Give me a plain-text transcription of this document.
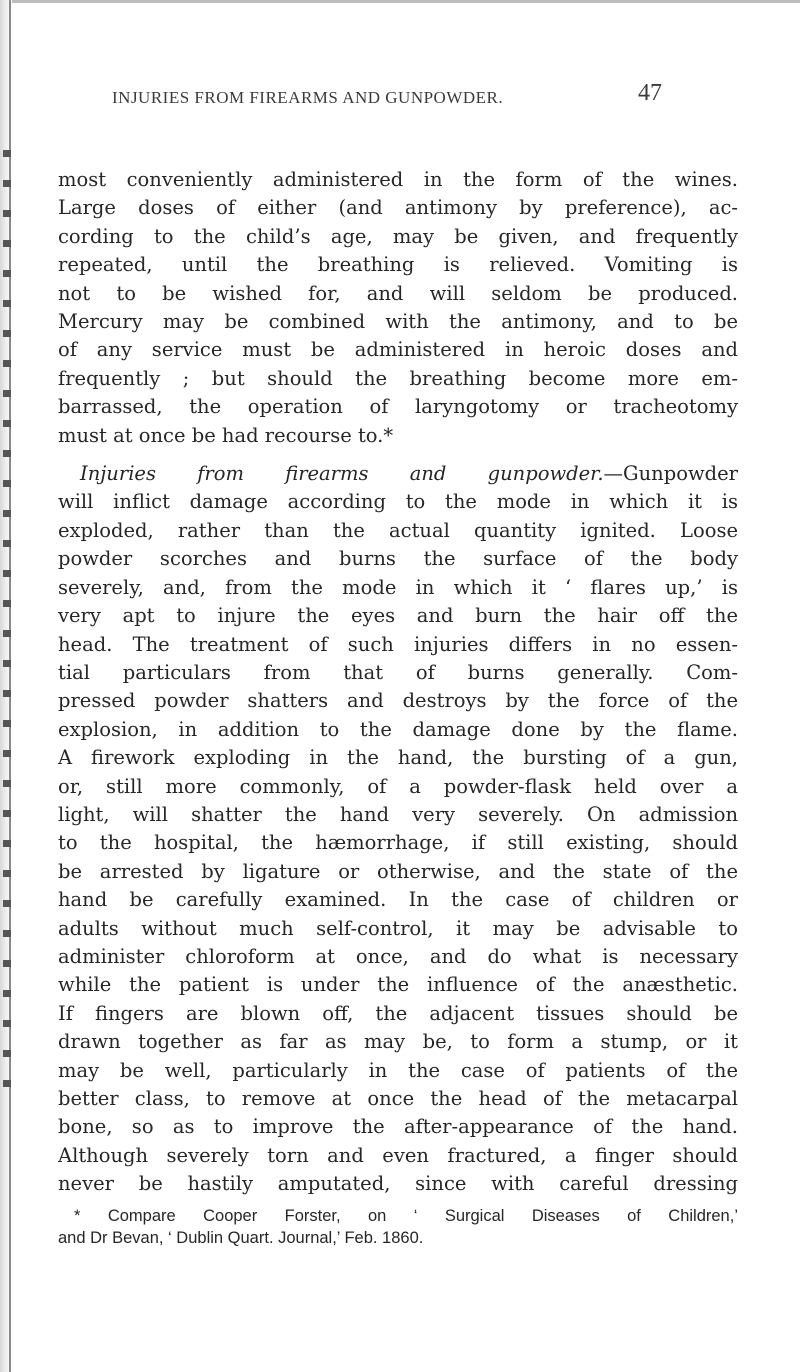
INJURIES FROM FIREARMS AND GUNPOWDER.	47
most conveniently administered in the form of the wines.
Large doses of either (and antimony by preference), ac-
cording to the child’s age, may be given, and frequently
repeated, until the breathing is relieved. Vomiting is
not to be wished for, and will seldom be produced.
Mercury may be combined with the antimony, and to be
of any service must be administered in heroic doses and
frequently ; but should the breathing become more em-
barrassed, the operation of laryngotomy or tracheotomy
must at once be had recourse to.*
Injuries from firearms and gunpowder.—Gunpowder
will inflict damage according to the mode in which it is
exploded, rather than the actual quantity ignited. Loose
powder scorches and burns the surface of the body
severely, and, from the mode in which it ‘ flares up,’ is
very apt to injure the eyes and burn the hair off the
head. The treatment of such injuries differs in no essen-
tial particulars from that of burns generally. Com-
pressed powder shatters and destroys by the force of the
explosion, in addition to the damage done by the flame.
A firework exploding in the hand, the bursting of a gun,
or, still more commonly, of a powder-flask held over a
light, will shatter the hand very severely. On admission
to the hospital, the hæmorrhage, if still existing, should
be arrested by ligature or otherwise, and the state of the
hand be carefully examined. In the case of children or
adults without much self-control, it may be advisable to
administer chloroform at once, and do what is necessary
while the patient is under the influence of the anæsthetic.
If fingers are blown off, the adjacent tissues should be
drawn together as far as may be, to form a stump, or it
may be well, particularly in the case of patients of the
better class, to remove at once the head of the metacarpal
bone, so as to improve the after-appearance of the hand.
Although severely torn and even fractured, a finger should
never be hastily amputated, since with careful dressing
* Compare Cooper Forster, on ‘ Surgical Diseases of Children,’
and Dr Bevan, ‘ Dublin Quart. Journal,’ Feb. 1860.
